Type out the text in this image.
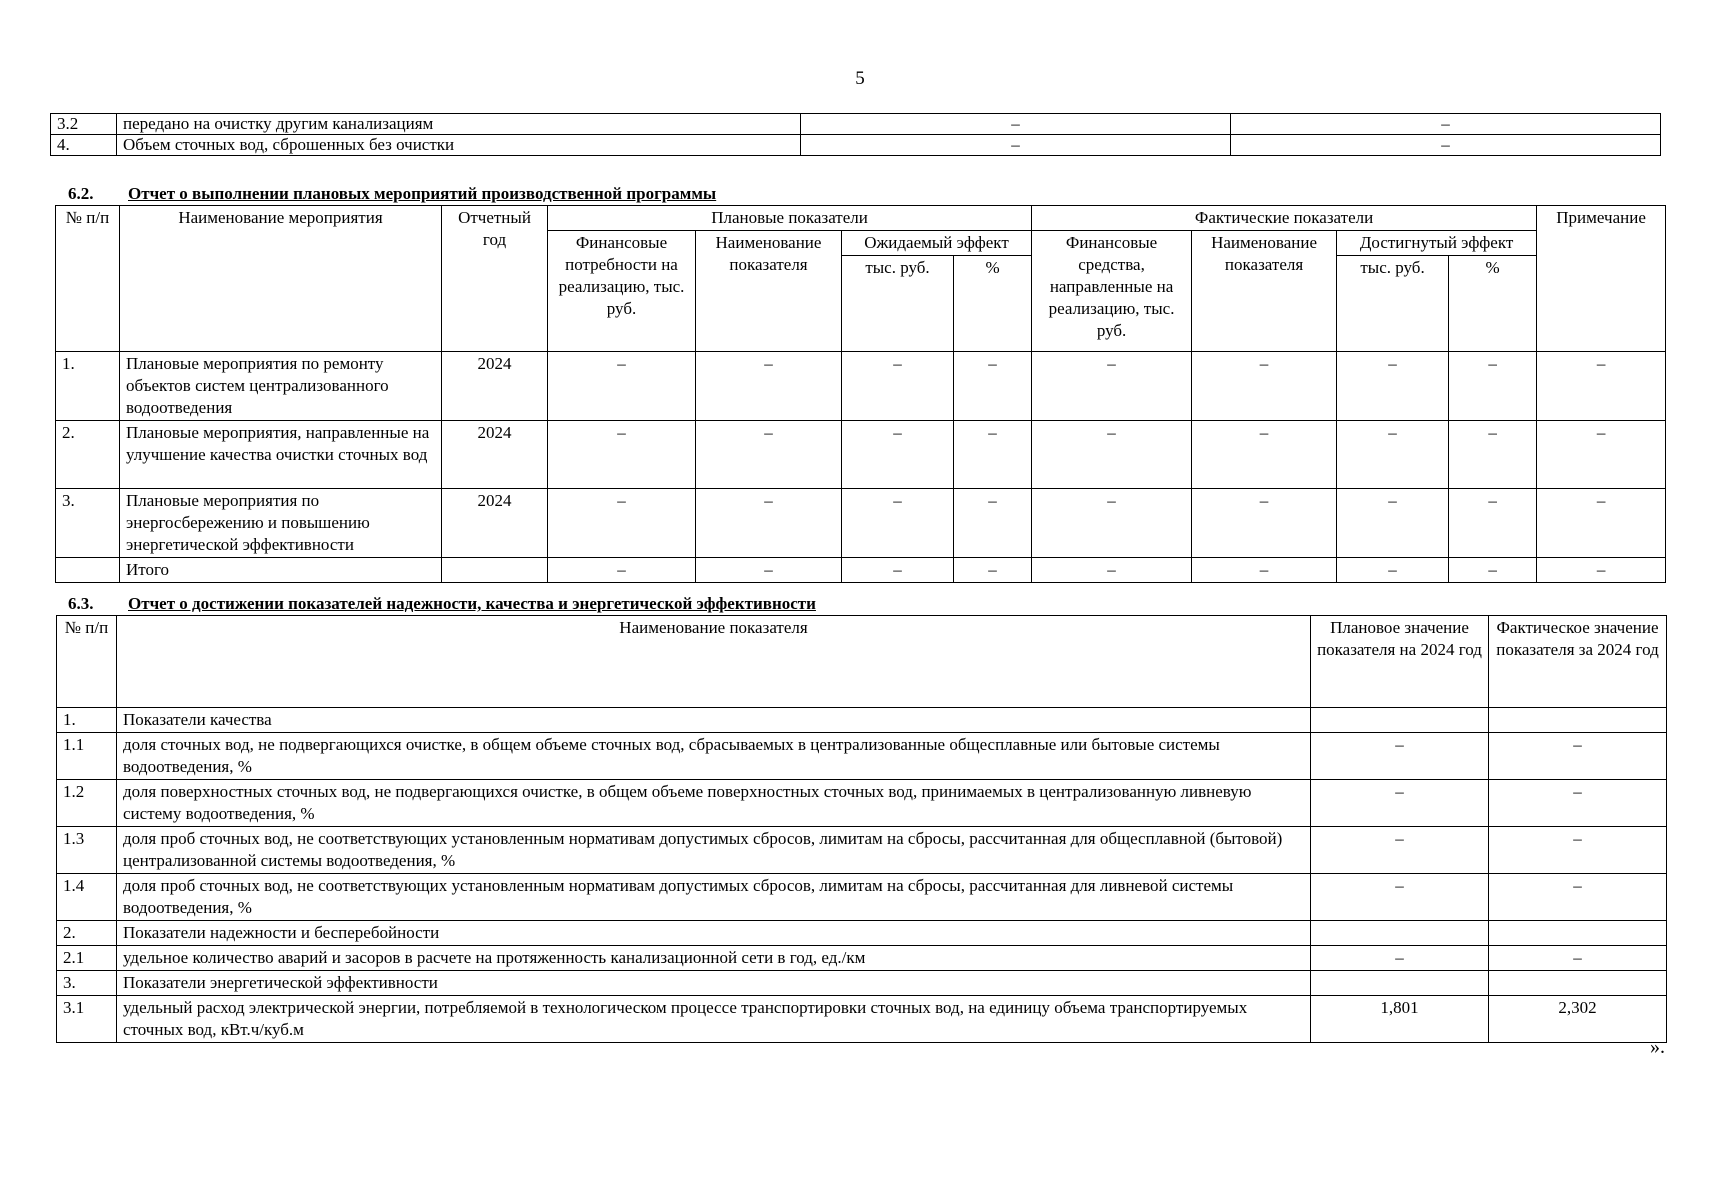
5
3.2	передано на очистку другим канализациям	–	–
4.	Объем сточных вод, сброшенных без очистки	–	–
6.2. Отчет о выполнении плановых мероприятий производственной программы
№ п/п	Наименование мероприятия	Отчетный год	Плановые показатели				Фактические показатели				Примечание
			Финансовые потребности на реализацию, тыс. руб.	Наименование показателя	Ожидаемый эффект		Финансовые средства, направленные на реализацию, тыс. руб.	Наименование показателя	Достигнутый эффект		
					тыс. руб.	%			тыс. руб.	%	
1.	Плановые мероприятия по ремонту объектов систем централизованного водоотведения	2024	–	–	–	–	–	–	–	–	–
2.	Плановые мероприятия, направленные на улучшение качества очистки сточных вод	2024	–	–	–	–	–	–	–	–	–
3.	Плановые мероприятия по энергосбережению и повышению энергетической эффективности	2024	–	–	–	–	–	–	–	–	–
	Итого		–	–	–	–	–	–	–	–	–
6.3. Отчет о достижении показателей надежности, качества и энергетической эффективности
№ п/п	Наименование показателя	Плановое значение показателя на 2024 год	Фактическое значение показателя за 2024 год
1.	Показатели качества		
1.1	доля сточных вод, не подвергающихся очистке, в общем объеме сточных вод, сбрасываемых в централизованные общесплавные или бытовые системы водоотведения, %	–	–
1.2	доля поверхностных сточных вод, не подвергающихся очистке, в общем объеме поверхностных сточных вод, принимаемых в централизованную ливневую систему водоотведения, %	–	–
1.3	доля проб сточных вод, не соответствующих установленным нормативам допустимых сбросов, лимитам на сбросы, рассчитанная для общесплавной (бытовой) централизованной системы водоотведения, %	–	–
1.4	доля проб сточных вод, не соответствующих установленным нормативам допустимых сбросов, лимитам на сбросы, рассчитанная для ливневой системы водоотведения, %	–	–
2.	Показатели надежности и бесперебойности		
2.1	удельное количество аварий и засоров в расчете на протяженность канализационной сети в год, ед./км	–	–
3.	Показатели энергетической эффективности		
3.1	удельный расход электрической энергии, потребляемой в технологическом процессе транспортировки сточных вод, на единицу объема транспортируемых сточных вод, кВт.ч/куб.м	1,801	2,302
».
